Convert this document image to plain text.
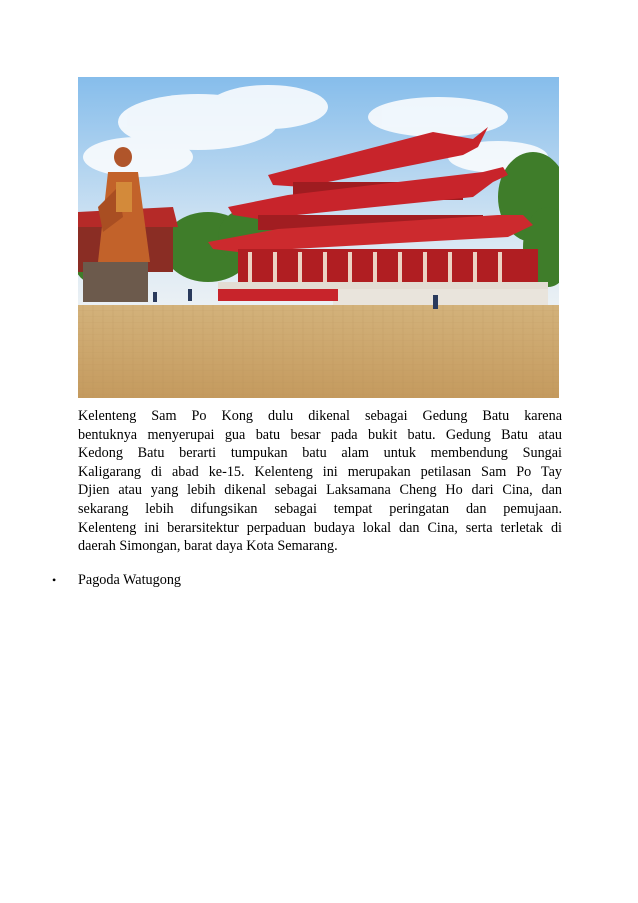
Kelenteng Sam Po Kong dulu dikenal sebagai Gedung Batu karena
bentuknya menyerupai gua batu besar pada bukit batu. Gedung Batu atau
Kedong Batu berarti tumpukan batu alam untuk membendung Sungai
Kaligarang di abad ke-15. Kelenteng ini merupakan petilasan Sam Po Tay
Djien atau yang lebih dikenal sebagai Laksamana Cheng Ho dari Cina, dan
sekarang lebih difungsikan sebagai tempat peringatan dan pemujaan.
Kelenteng ini berarsitektur perpaduan budaya lokal dan Cina, serta terletak di
daerah Simongan, barat daya Kota Semarang.

•	Pagoda Watugong
